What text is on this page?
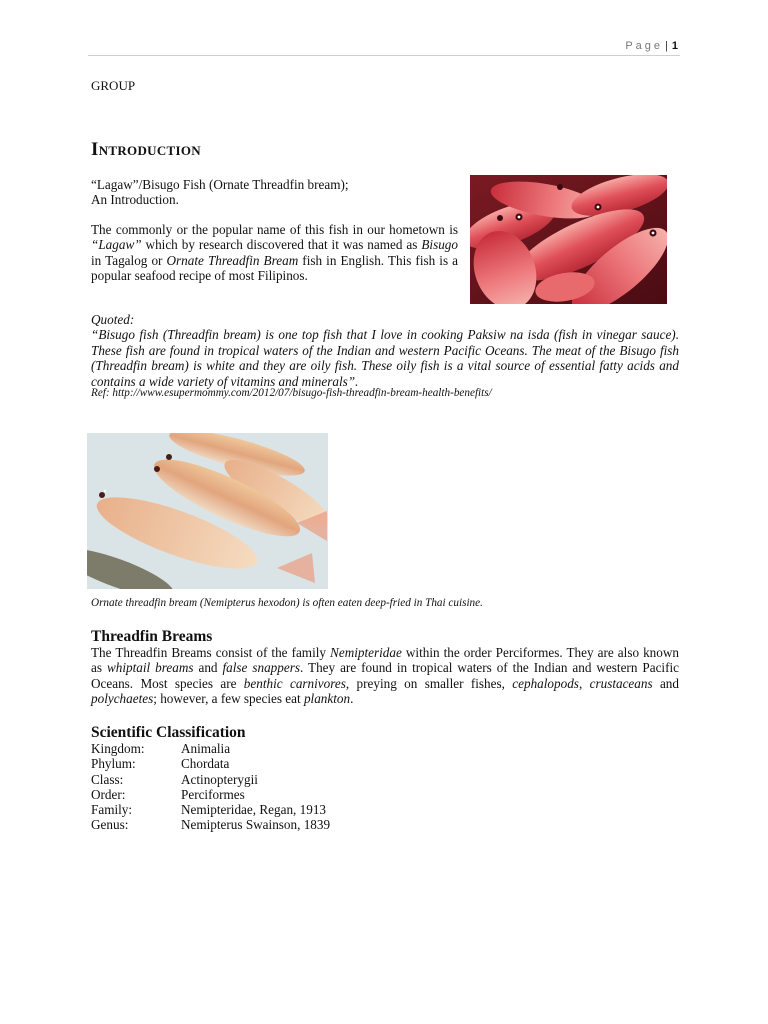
Page | 1
GROUP
Introduction
“Lagaw”/Bisugo Fish (Ornate Threadfin bream);
An Introduction.
The commonly or the popular name of this fish in our hometown is “Lagaw” which by research discovered that it was named as Bisugo in Tagalog or Ornate Threadfin Bream fish in English. This fish is a popular seafood recipe of most Filipinos.
Quoted:
“Bisugo fish (Threadfin bream) is one top fish that I love in cooking Paksiw na isda (fish in vinegar sauce). These fish are found in tropical waters of the Indian and western Pacific Oceans. The meat of the Bisugo fish (Threadfin bream) is white and they are oily fish. These oily fish is a vital source of essential fatty acids and contains a wide variety of vitamins and minerals”.
Ref: http://www.esupermommy.com/2012/07/bisugo-fish-threadfin-bream-health-benefits/
Ornate threadfin bream (Nemipterus hexodon) is often eaten deep-fried in Thai cuisine.
Threadfin Breams
The Threadfin Breams consist of the family Nemipteridae within the order Perciformes. They are also known as whiptail breams and false snappers. They are found in tropical waters of the Indian and western Pacific Oceans. Most species are benthic carnivores, preying on smaller fishes, cephalopods, crustaceans and polychaetes; however, a few species eat plankton.
Scientific Classification
Kingdom:	Animalia
Phylum:	Chordata
Class:	Actinopterygii
Order:	Perciformes
Family:	Nemipteridae, Regan, 1913
Genus:	Nemipterus Swainson, 1839
